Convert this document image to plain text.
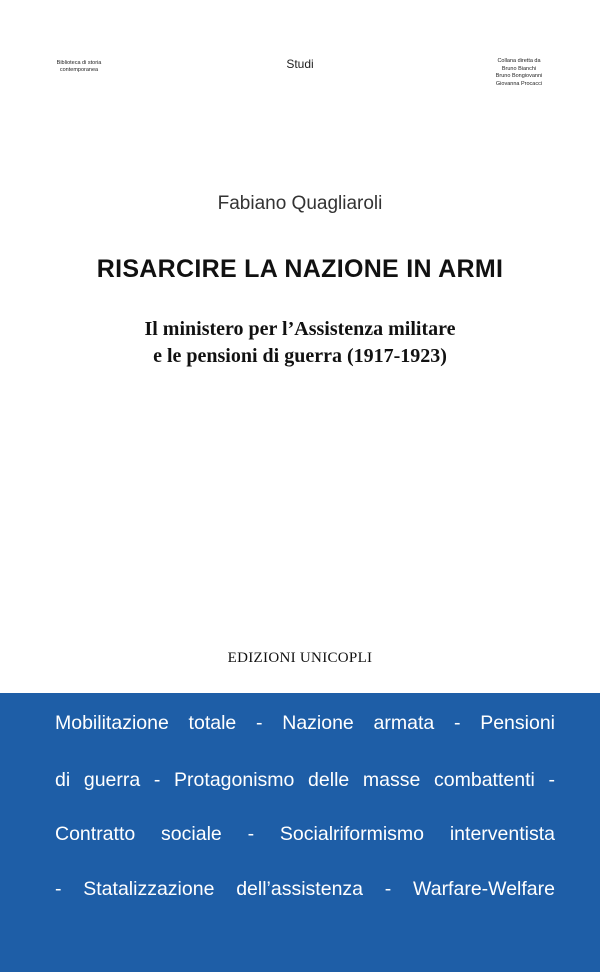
Biblioteca di storia contemporanea	Studi	Collana diretta da
Bruno Bianchi
Bruno Bongiovanni
Giovanna Procacci
Fabiano Quagliaroli
RISARCIRE LA NAZIONE IN ARMI
Il ministero per l’Assistenza militare
e le pensioni di guerra (1917-1923)
EDIZIONI UNICOPLI
Mobilitazione totale - Nazione armata - Pensioni
di guerra - Protagonismo delle masse combattenti -
Contratto sociale - Socialriformismo interventista
- Statalizzazione dell’assistenza - Warfare-Welfare
